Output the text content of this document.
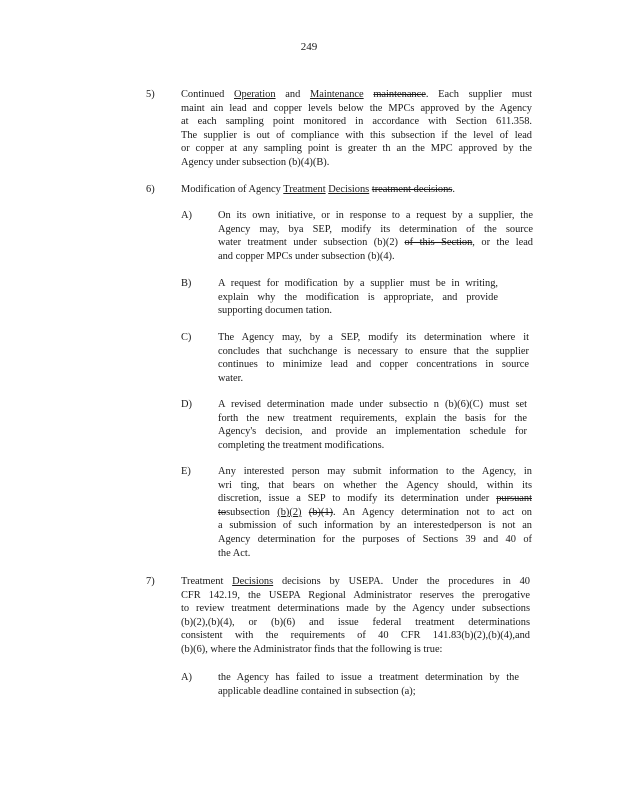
249
5)	Continued Operation and Maintenance maintenance. Each supplier must
maint ain lead and copper levels below the MPCs approved by the Agency
at each sampling point monitored in accordance with Section 611.358.
The supplier is out of compliance with this subsection if the level of lead
or copper at any sampling point is greater th an the MPC approved by the
Agency under subsection (b)(4)(B).
6)	Modification of Agency Treatment Decisions treatment decisions.
A)	On its own initiative, or in response to a request by a supplier, the
Agency may, bya SEP, modify its determination of the source
water treatment under subsection (b)(2) of this Section, or the lead
and copper MPCs under subsection (b)(4).
B)	A request for modification by a supplier must be in writing,
explain why the modification is appropriate, and provide
supporting documen tation.
C)	The Agency may, by a SEP, modify its determination where it
concludes that suchchange is necessary to ensure that the supplier
continues to minimize lead and copper concentrations in source
water.
D)	A revised determination made under subsectio n (b)(6)(C) must set
forth the new treatment requirements, explain the basis for the
Agency's decision, and provide an implementation schedule for
completing the treatment modifications.
E)	Any interested person may submit information to the Agency, in
wri ting, that bears on whether the Agency should, within its
discretion, issue a SEP to modify its determination under pursuant
tosubsection (b)(2) (b)(1). An Agency determination not to act on
a submission of such information by an interestedperson is not an
Agency determination for the purposes of Sections 39 and 40 of
the Act.
7)	Treatment Decisions decisions by USEPA. Under the procedures in 40
CFR 142.19, the USEPA Regional Administrator reserves the prerogative
to review treatment determinations made by the Agency under subsections
(b)(2),(b)(4), or (b)(6) and issue federal treatment determinations
consistent with the requirements of 40 CFR 141.83(b)(2),(b)(4),and
(b)(6), where the Administrator finds that the following is true:
A)	the Agency has failed to issue a treatment determination by the
applicable deadline contained in subsection (a);
